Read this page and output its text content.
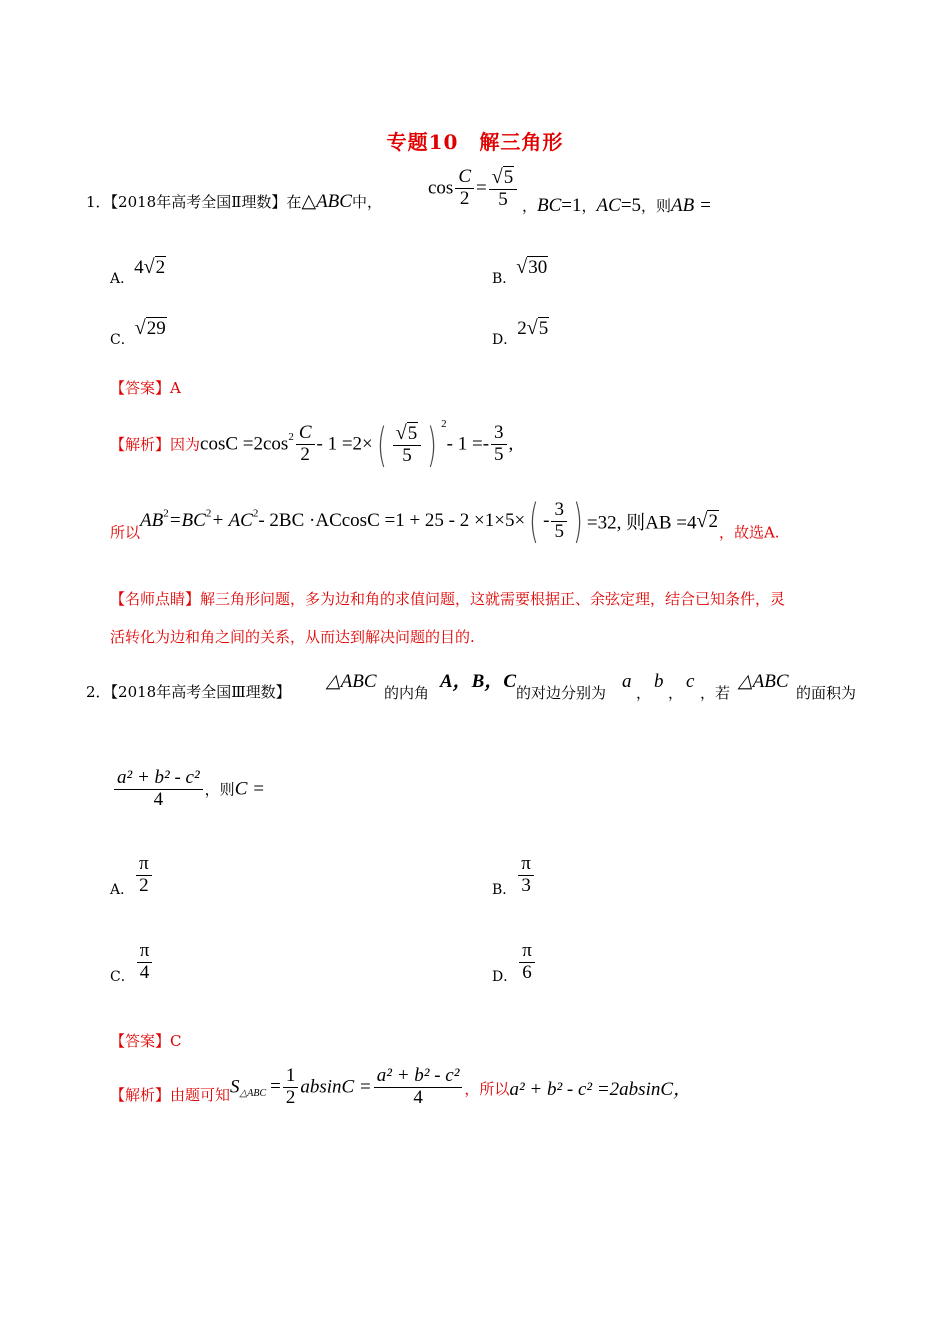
专题10　解三角形
1．【2018年高考全国Ⅱ理数】在△ABC中，
$\cos \frac{C}{2} = \frac{√5}{5}$ ，BC=1，AC=5，则AB =
A．4√2
B．√30
C．√29
D．2√5
【答案】A
【解析】因为$\cos C =2\cos^2 \frac{C}{2} - 1 =2\times( \frac{√5}{5}$ ) $^2$- $1 =- \frac{3}{5}$ ,
所以$AB^2=BC^2+ AC^2-$ $2BC \cdot ACcosC =1 + 25 - 2 \times 1\times 5\times( - \frac{3}{5}$ ) =32, 则AB =4√2，故选A.
【名师点睛】解三角形问题，多为边和角的求值问题，这就需要根据正、余弦定理，结合已知条件，灵
活转化为边和角之间的关系，从而达到解决问题的目的.
2．【2018年高考全国Ⅲ理数】 △ABC
的内角
A，B，C
的对边分别为
a
，
b
，
c
，若
△ABC
的面积为
$\frac{\text{a² + b² - c²}}{4}$ ，则C =
A． $\frac{\pi}{2}$	B． $\frac{\pi}{3}$
C． $\frac{\pi}{4}$	D． $\frac{\pi}{6}$
【答案】C
【解析】由题可知$S_{\triangle ABC} = \frac{1}{2}$ $absinC = \frac{\text{a² + b² - c²}}{4}$ ，所以a² + b² - c² =2absinC，
